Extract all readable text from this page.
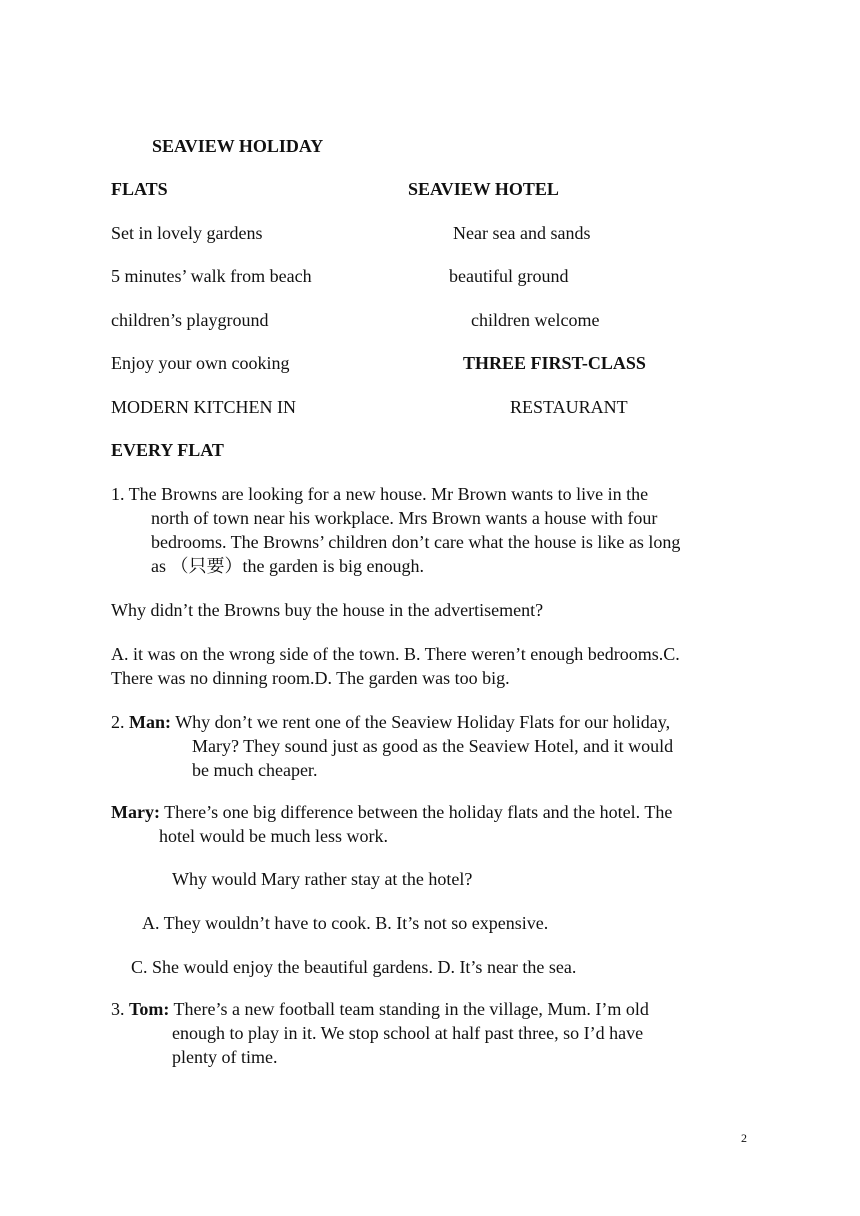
SEAVIEW HOLIDAY
FLATS	SEAVIEW HOTEL
Set in lovely gardens
5 minutes’ walk from beach
children’s playground
Enjoy your own cooking
MODERN KITCHEN IN
EVERY FLAT
Near sea and sands
beautiful ground
children welcome
THREE FIRST-CLASS
RESTAURANT
1. The Browns are looking for a new house. Mr Brown wants to live in the
north of town near his workplace. Mrs Brown wants a house with four
bedrooms. The Browns’ children don’t care what the house is like as long
as （只要）the garden is big enough.
Why didn’t the Browns buy the house in the advertisement?
A. it was on the wrong side of the town. B. There weren’t enough bedrooms.C.
There was no dinning room.D. The garden was too big.
2. Man: Why don’t we rent one of the Seaview Holiday Flats for our holiday,
Mary? They sound just as good as the Seaview Hotel, and it would
be much cheaper.
Mary: There’s one big difference between the holiday flats and the hotel. The
hotel would be much less work.
Why would Mary rather stay at the hotel?
A. They wouldn’t have to cook. B. It’s not so expensive.
C. She would enjoy the beautiful gardens. D. It’s near the sea.
3. Tom: There’s a new football team standing in the village, Mum. I’m old
enough to play in it. We stop school at half past three, so I’d have
plenty of time.
2
